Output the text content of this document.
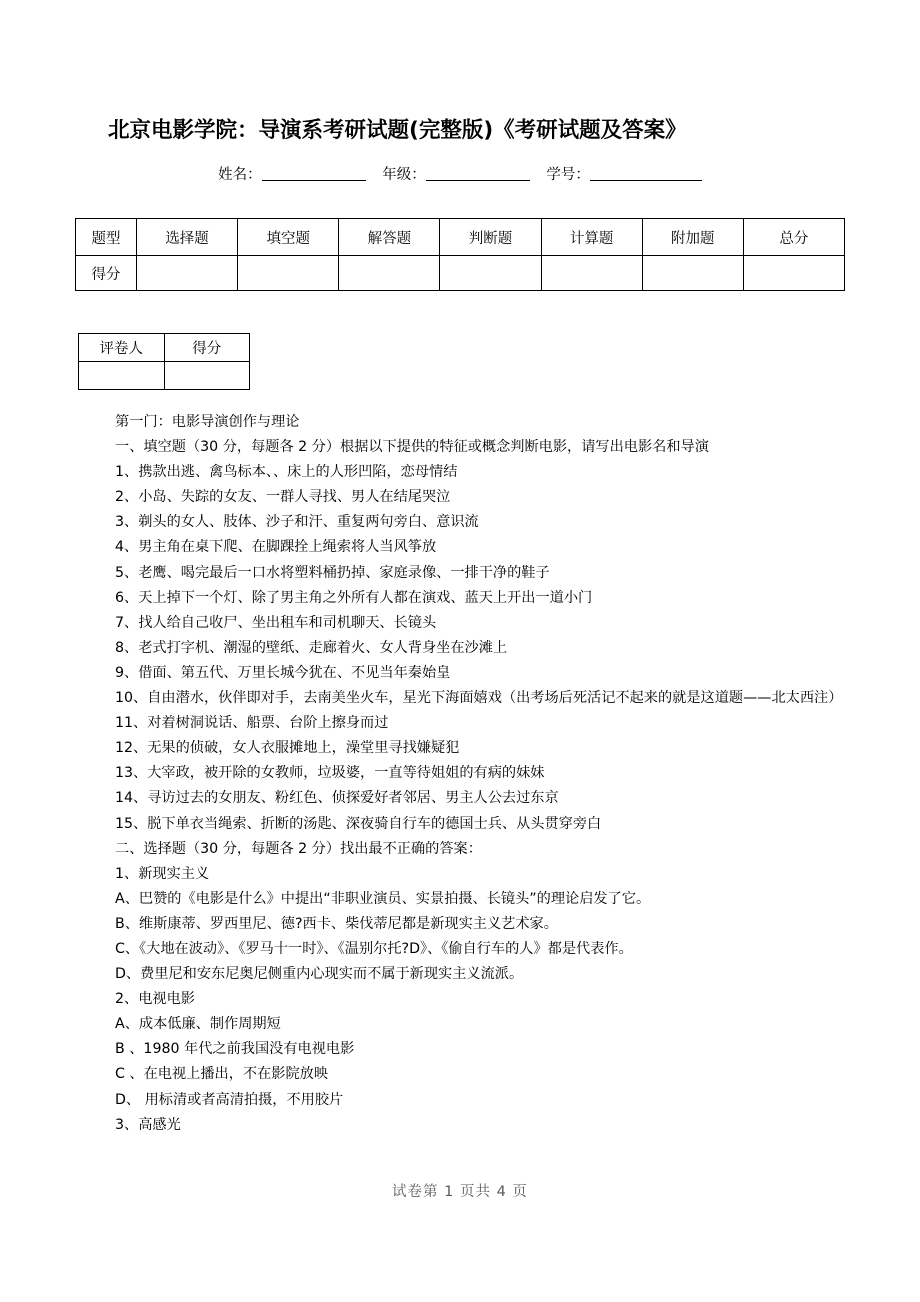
北京电影学院：导演系考研试题(完整版)《考研试题及答案》
姓名：	年级：	学号：
题型	选择题	填空题	解答题	判断题	计算题	附加题	总分
得分							
评卷人	得分

第一门：电影导演创作与理论
一、填空题（30 分，每题各 2 分）根据以下提供的特征或概念判断电影，请写出电影名和导演
1、携款出逃、禽鸟标本、、床上的人形凹陷，恋母情结
2、小岛、失踪的女友、一群人寻找、男人在结尾哭泣
3、剃头的女人、肢体、沙子和汗、重复两句旁白、意识流
4、男主角在桌下爬、在脚踝拴上绳索将人当风筝放
5、老鹰、喝完最后一口水将塑料桶扔掉、家庭录像、一排干净的鞋子
6、天上掉下一个灯、除了男主角之外所有人都在演戏、蓝天上开出一道小门
7、找人给自己收尸、坐出租车和司机聊天、长镜头
8、老式打字机、潮湿的壁纸、走廊着火、女人背身坐在沙滩上
9、借面、第五代、万里长城今犹在、不见当年秦始皇
10、自由潜水，伙伴即对手，去南美坐火车，星光下海面嬉戏（出考场后死活记不起来的就是这道题——北太西注）
11、对着树洞说话、船票、台阶上擦身而过
12、无果的侦破，女人衣服摊地上，澡堂里寻找嫌疑犯
13、大宰政，被开除的女教师，垃圾婆，一直等待姐姐的有病的妹妹
14、寻访过去的女朋友、粉红色、侦探爱好者邻居、男主人公去过东京
15、脱下单衣当绳索、折断的汤匙、深夜骑自行车的德国士兵、从头贯穿旁白
二、选择题（30 分，每题各 2 分）找出最不正确的答案：
1、新现实主义
A、巴赞的《电影是什么》中提出“非职业演员、实景拍摄、长镜头”的理论启发了它。
B、维斯康蒂、罗西里尼、德?西卡、柴伐蒂尼都是新现实主义艺术家。
C、《大地在波动》、《罗马十一时》、《温别尔托?D》、《偷自行车的人》都是代表作。
D、费里尼和安东尼奥尼侧重内心现实而不属于新现实主义流派。
2、电视电影
A、成本低廉、制作周期短
B 、1980 年代之前我国没有电视电影
C 、在电视上播出，不在影院放映
D、 用标清或者高清拍摄，不用胶片
3、高感光
试卷第 1 页共 4 页
